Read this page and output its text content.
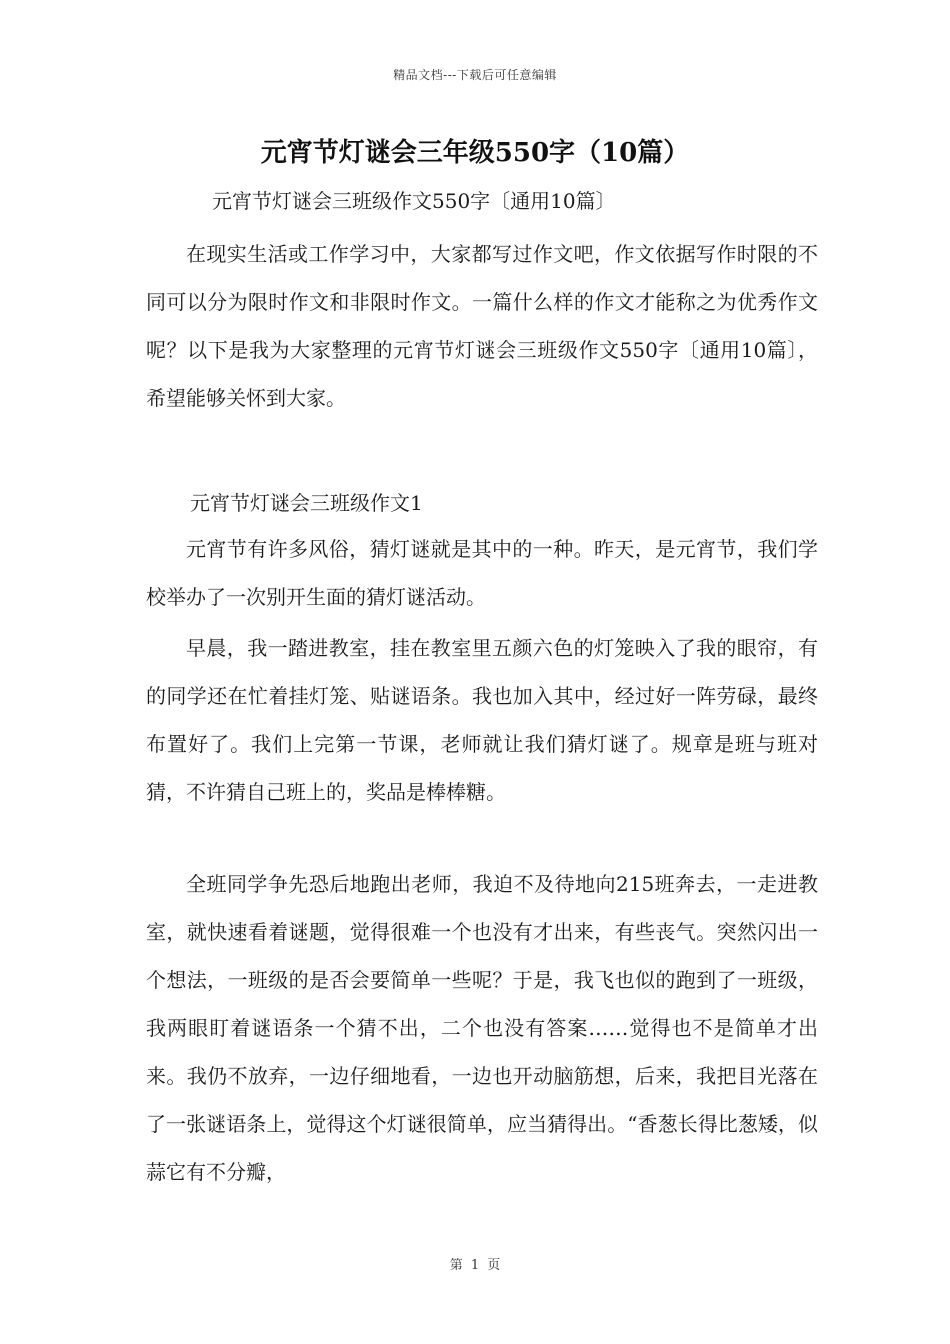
精品文档---下载后可任意编辑
元宵节灯谜会三年级550字（10篇）
元宵节灯谜会三班级作文550字〔通用10篇〕

在现实生活或工作学习中，大家都写过作文吧，作文依据写作时限的不同可以分为限时作文和非限时作文。一篇什么样的作文才能称之为优秀作文呢？以下是我为大家整理的元宵节灯谜会三班级作文550字〔通用10篇〕，希望能够关怀到大家。

元宵节灯谜会三班级作文1

元宵节有许多风俗，猜灯谜就是其中的一种。昨天，是元宵节，我们学校举办了一次别开生面的猜灯谜活动。

早晨，我一踏进教室，挂在教室里五颜六色的灯笼映入了我的眼帘，有的同学还在忙着挂灯笼、贴谜语条。我也加入其中，经过好一阵劳碌，最终布置好了。我们上完第一节课，老师就让我们猜灯谜了。规章是班与班对猜，不许猜自己班上的，奖品是棒棒糖。

全班同学争先恐后地跑出老师，我迫不及待地向215班奔去，一走进教室，就快速看着谜题，觉得很难一个也没有才出来，有些丧气。突然闪出一个想法，一班级的是否会要简单一些呢？于是，我飞也似的跑到了一班级，我两眼盯着谜语条一个猜不出，二个也没有答案……觉得也不是简单才出来。我仍不放弃，一边仔细地看，一边也开动脑筋想，后来，我把目光落在了一张谜语条上，觉得这个灯谜很简单，应当猜得出。“香葱长得比葱矮，似蒜它有不分瓣，

第 1 页
